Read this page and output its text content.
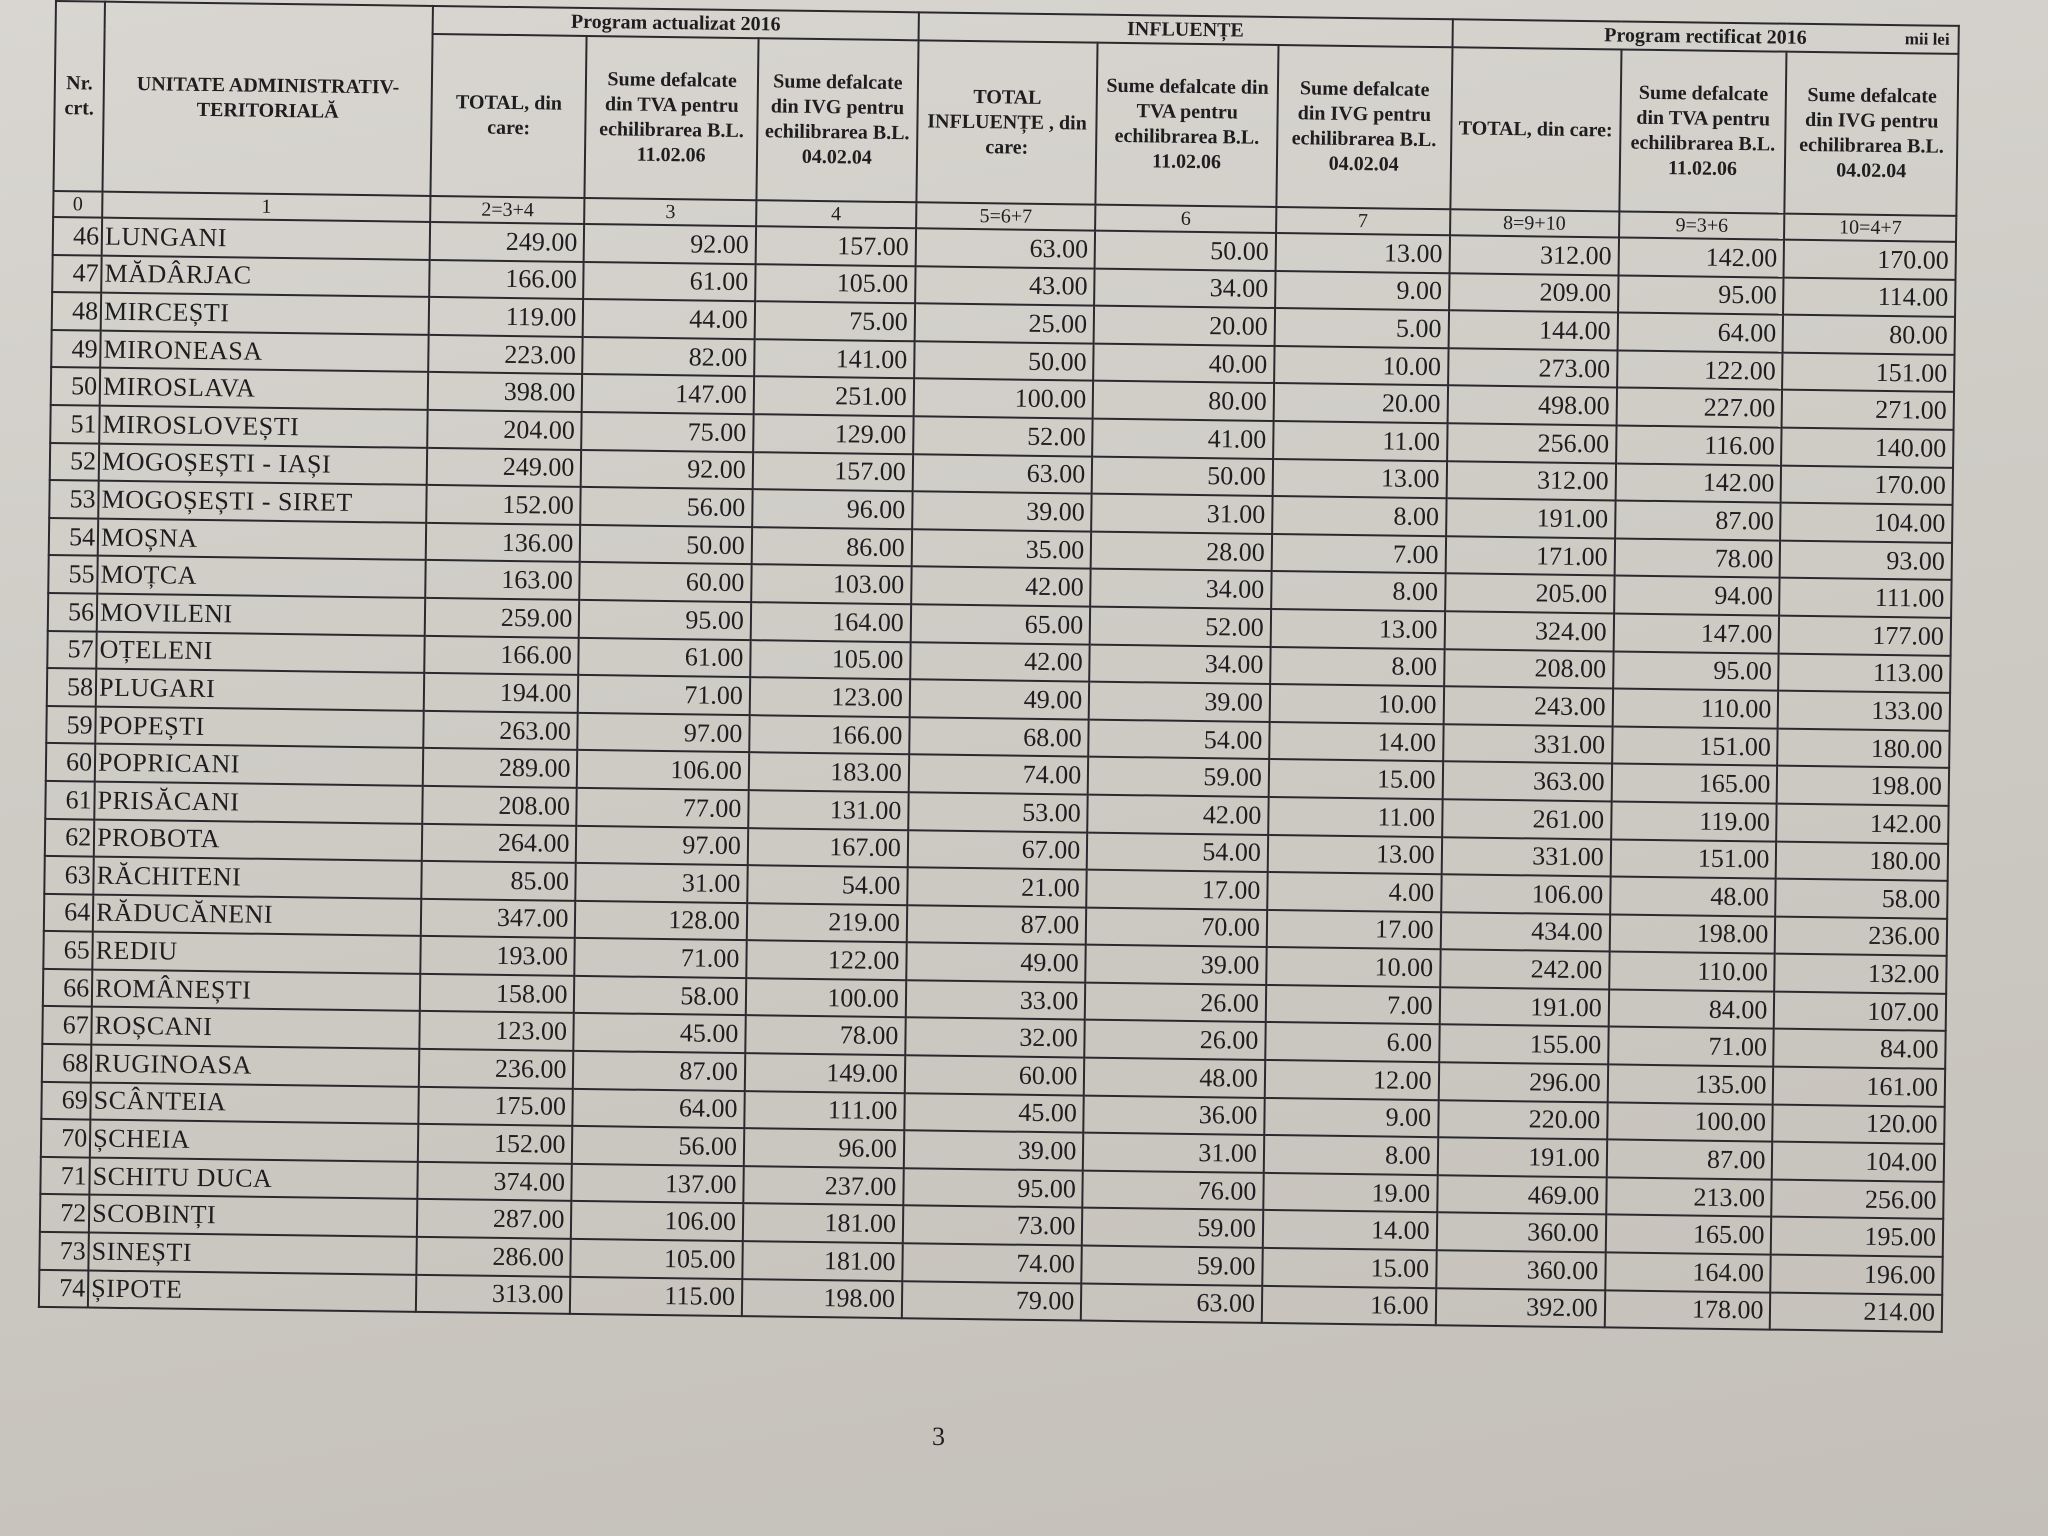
Nr. crt.	UNITATE ADMINISTRATIV-TERITORIALĂ	Program actualizat 2016			INFLUENȚE			Program rectificat 2016 mii lei		

		TOTAL, din care:	Sume defalcate din TVA pentru echilibrarea B.L. 11.02.06	Sume defalcate din IVG pentru echilibrarea B.L. 04.02.04	TOTAL INFLUENȚE , din care:	Sume defalcate din TVA pentru echilibrarea B.L. 11.02.06	Sume defalcate din IVG pentru echilibrarea B.L. 04.02.04	TOTAL, din care:	Sume defalcate din TVA pentru echilibrarea B.L. 11.02.06	Sume defalcate din IVG pentru echilibrarea B.L. 04.02.04
0	1	2=3+4	3	4	5=6+7	6	7	8=9+10	9=3+6	10=4+7
46	LUNGANI	249.00	92.00	157.00	63.00	50.00	13.00	312.00	142.00	170.00
47	MĂDÂRJAC	166.00	61.00	105.00	43.00	34.00	9.00	209.00	95.00	114.00
48	MIRCEȘTI	119.00	44.00	75.00	25.00	20.00	5.00	144.00	64.00	80.00
49	MIRONEASA	223.00	82.00	141.00	50.00	40.00	10.00	273.00	122.00	151.00
50	MIROSLAVA	398.00	147.00	251.00	100.00	80.00	20.00	498.00	227.00	271.00
51	MIROSLOVEȘTI	204.00	75.00	129.00	52.00	41.00	11.00	256.00	116.00	140.00
52	MOGOȘEȘTI - IAȘI	249.00	92.00	157.00	63.00	50.00	13.00	312.00	142.00	170.00
53	MOGOȘEȘTI - SIRET	152.00	56.00	96.00	39.00	31.00	8.00	191.00	87.00	104.00
54	MOȘNA	136.00	50.00	86.00	35.00	28.00	7.00	171.00	78.00	93.00
55	MOȚCA	163.00	60.00	103.00	42.00	34.00	8.00	205.00	94.00	111.00
56	MOVILENI	259.00	95.00	164.00	65.00	52.00	13.00	324.00	147.00	177.00
57	OȚELENI	166.00	61.00	105.00	42.00	34.00	8.00	208.00	95.00	113.00
58	PLUGARI	194.00	71.00	123.00	49.00	39.00	10.00	243.00	110.00	133.00
59	POPEȘTI	263.00	97.00	166.00	68.00	54.00	14.00	331.00	151.00	180.00
60	POPRICANI	289.00	106.00	183.00	74.00	59.00	15.00	363.00	165.00	198.00
61	PRISĂCANI	208.00	77.00	131.00	53.00	42.00	11.00	261.00	119.00	142.00
62	PROBOTA	264.00	97.00	167.00	67.00	54.00	13.00	331.00	151.00	180.00
63	RĂCHITENI	85.00	31.00	54.00	21.00	17.00	4.00	106.00	48.00	58.00
64	RĂDUCĂNENI	347.00	128.00	219.00	87.00	70.00	17.00	434.00	198.00	236.00
65	REDIU	193.00	71.00	122.00	49.00	39.00	10.00	242.00	110.00	132.00
66	ROMÂNEȘTI	158.00	58.00	100.00	33.00	26.00	7.00	191.00	84.00	107.00
67	ROȘCANI	123.00	45.00	78.00	32.00	26.00	6.00	155.00	71.00	84.00
68	RUGINOASA	236.00	87.00	149.00	60.00	48.00	12.00	296.00	135.00	161.00
69	SCÂNTEIA	175.00	64.00	111.00	45.00	36.00	9.00	220.00	100.00	120.00
70	ȘCHEIA	152.00	56.00	96.00	39.00	31.00	8.00	191.00	87.00	104.00
71	SCHITU DUCA	374.00	137.00	237.00	95.00	76.00	19.00	469.00	213.00	256.00
72	SCOBINȚI	287.00	106.00	181.00	73.00	59.00	14.00	360.00	165.00	195.00
73	SINEȘTI	286.00	105.00	181.00	74.00	59.00	15.00	360.00	164.00	196.00
74	ȘIPOTE	313.00	115.00	198.00	79.00	63.00	16.00	392.00	178.00	214.00
3
